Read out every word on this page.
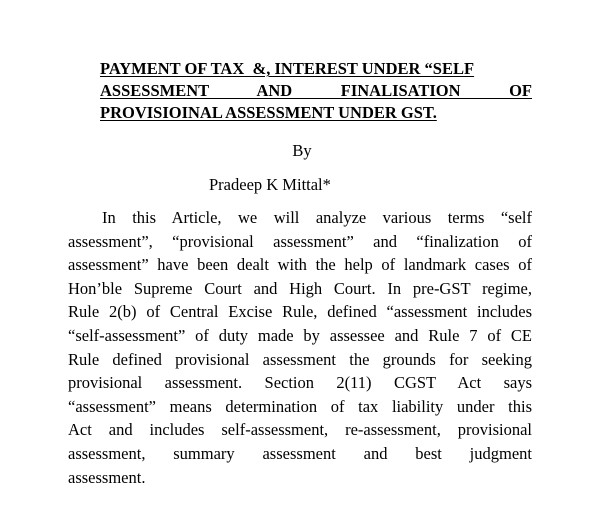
PAYMENT OF TAX  &, INTEREST UNDER “SELF
ASSESSMENT AND FINALISATION OF
PROVISIOINAL ASSESSMENT UNDER GST.
By
Pradeep K Mittal*
In this Article, we will analyze various terms “self
assessment”, “provisional assessment” and “finalization of
assessment” have been dealt with the help of landmark cases of
Hon’ble Supreme Court and High Court. In pre-GST regime,
Rule 2(b) of Central Excise Rule, defined “assessment includes
“self-assessment” of duty made by assessee and Rule 7 of CE
Rule defined provisional assessment the grounds for seeking
provisional assessment. Section 2(11) CGST Act says
“assessment” means determination of tax liability under this
Act and includes self-assessment, re-assessment, provisional
assessment, summary assessment and best judgment
assessment.
